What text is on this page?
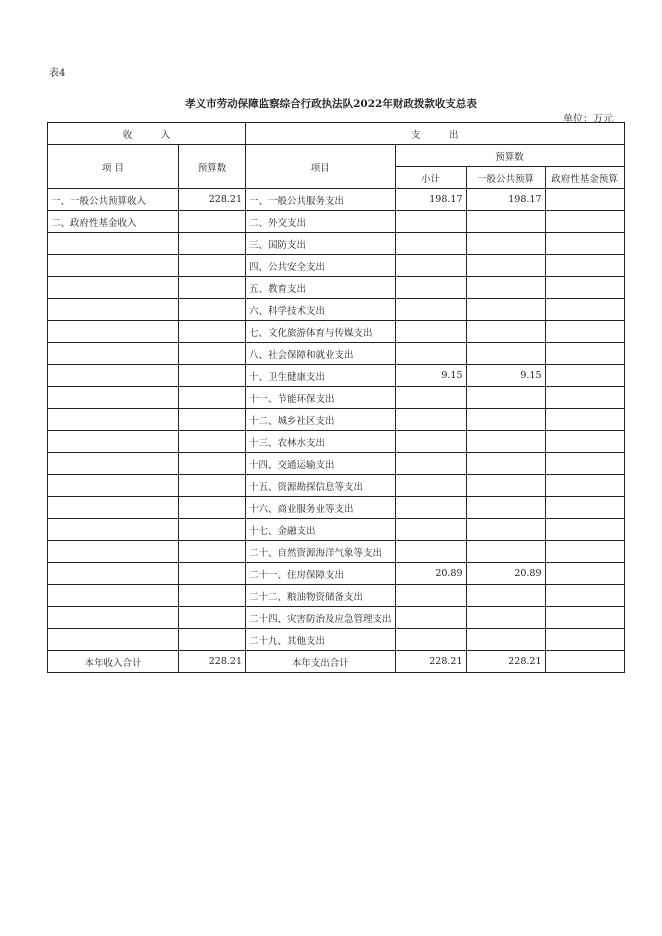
表4
孝义市劳动保障监察综合行政执法队2022年财政拨款收支总表
单位：万元
收　　　入		支　　　出			
项 目	预算数	项目	预算数		
			小计	一般公共预算	政府性基金预算
一、一般公共预算收入	228.21	一、一般公共服务支出	198.17	198.17	
二、政府性基金收入		二、外交支出			
		三、国防支出			
		四、公共安全支出			
		五、教育支出			
		六、科学技术支出			
		七、文化旅游体育与传媒支出			
		八、社会保障和就业支出			
		十、卫生健康支出	9.15	9.15	
		十一、节能环保支出			
		十二、城乡社区支出			
		十三、农林水支出			
		十四、交通运输支出			
		十五、资源勘探信息等支出			
		十六、商业服务业等支出			
		十七、金融支出			
		二十、自然资源海洋气象等支出			
		二十一、住房保障支出	20.89	20.89	
		二十二、粮油物资储备支出			
		二十四、灾害防治及应急管理支出			
		二十九、其他支出			
本年收入合计	228.21	本年支出合计	228.21	228.21	
